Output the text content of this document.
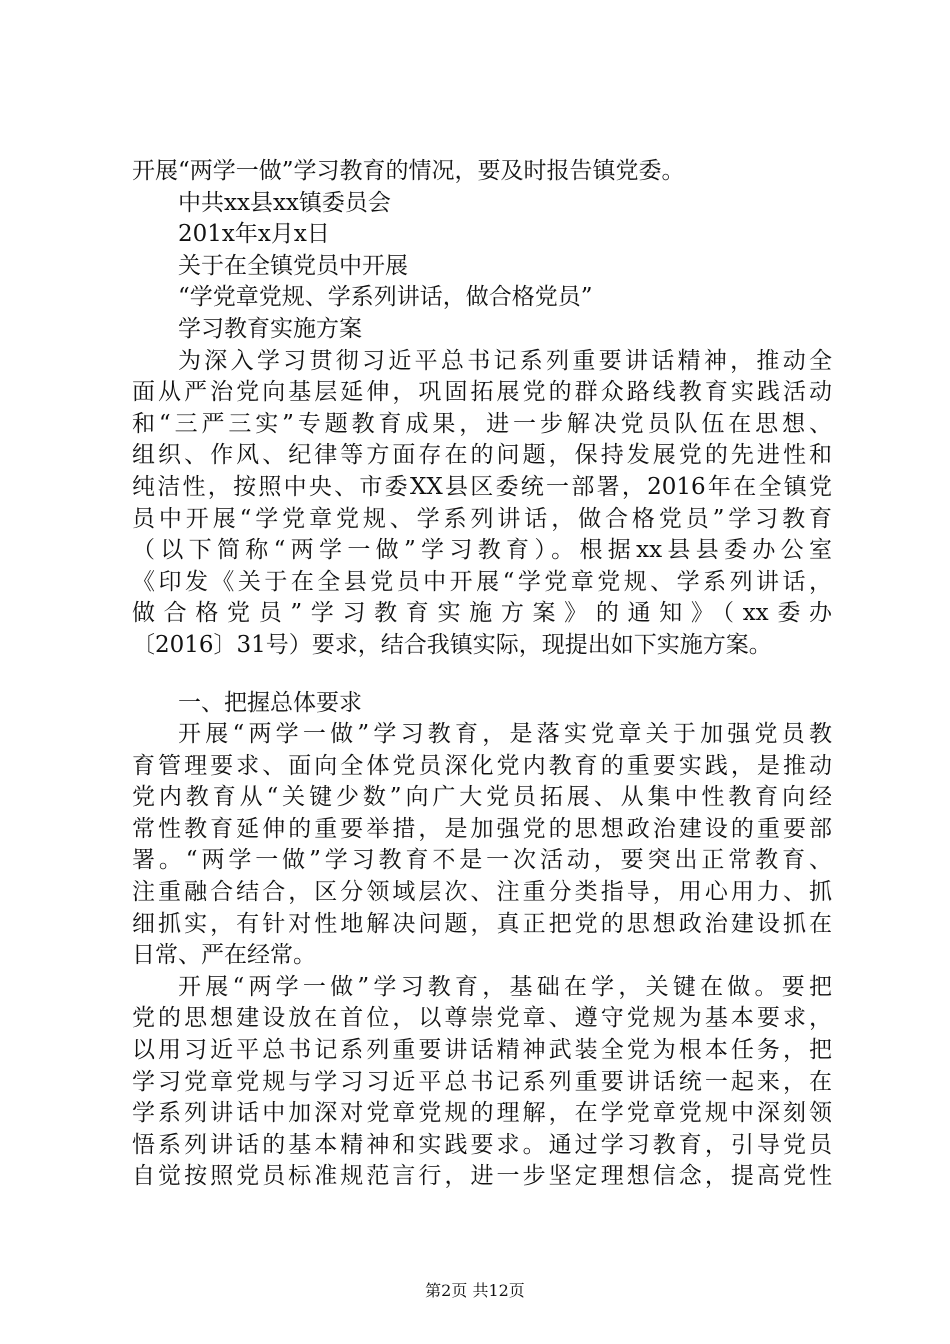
开展“两学一做”学习教育的情况，要及时报告镇党委。
中共xx县xx镇委员会
201x年x月x日
关于在全镇党员中开展
“学党章党规、学系列讲话，做合格党员”
学习教育实施方案
为深入学习贯彻习近平总书记系列重要讲话精神，推动全
面从严治党向基层延伸，巩固拓展党的群众路线教育实践活动
和“三严三实”专题教育成果，进一步解决党员队伍在思想、
组织、作风、纪律等方面存在的问题，保持发展党的先进性和
纯洁性，按照中央、市委XX县区委统一部署，2016年在全镇党
员中开展“学党章党规、学系列讲话，做合格党员”学习教育
（以下简称“两学一做”学习教育）。根据xx县县委办公室
《印发《关于在全县党员中开展“学党章党规、学系列讲话，
做合格党员”学习教育实施方案》的通知》（xx委办
〔2016〕31号）要求，结合我镇实际，现提出如下实施方案。
一、把握总体要求
开展“两学一做”学习教育，是落实党章关于加强党员教
育管理要求、面向全体党员深化党内教育的重要实践，是推动
党内教育从“关键少数”向广大党员拓展、从集中性教育向经
常性教育延伸的重要举措，是加强党的思想政治建设的重要部
署。“两学一做”学习教育不是一次活动，要突出正常教育、
注重融合结合，区分领域层次、注重分类指导，用心用力、抓
细抓实，有针对性地解决问题，真正把党的思想政治建设抓在
日常、严在经常。
开展“两学一做”学习教育，基础在学，关键在做。要把
党的思想建设放在首位，以尊崇党章、遵守党规为基本要求，
以用习近平总书记系列重要讲话精神武装全党为根本任务，把
学习党章党规与学习习近平总书记系列重要讲话统一起来，在
学系列讲话中加深对党章党规的理解，在学党章党规中深刻领
悟系列讲话的基本精神和实践要求。通过学习教育，引导党员
自觉按照党员标准规范言行，进一步坚定理想信念，提高党性
第2页 共12页
